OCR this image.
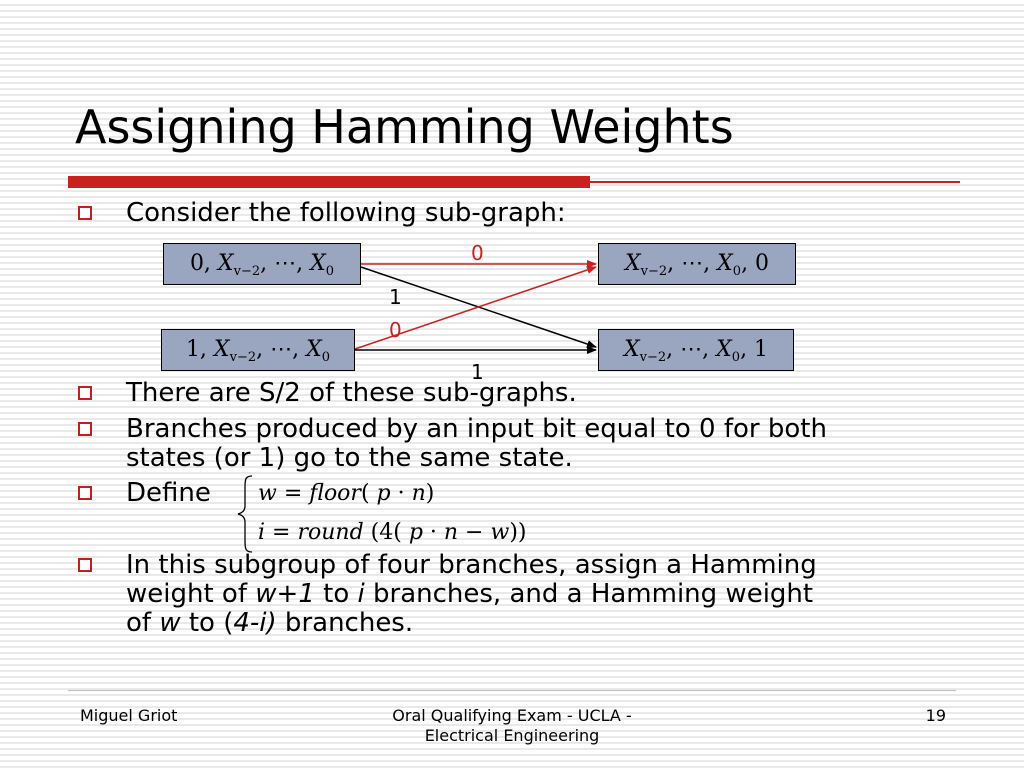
Assigning Hamming Weights
Consider the following sub-graph:
0, $X_{v-2}$, ⋯, $X_0$
1, $X_{v-2}$, ⋯, $X_0$
$X_{v-2}$, ⋯, $X_0$, 0
$X_{v-2}$, ⋯, $X_0$, 1
0
1
0
1
There are S/2 of these sub-graphs.
Branches produced by an input bit equal to 0 for both
states (or 1) go to the same state.
Define w = floor( p · n)
i = round (4( p · n − w))
In this subgroup of four branches, assign a Hamming
weight of w+1 to i branches, and a Hamming weight
of w to (4-i) branches.
Miguel Griot	Oral Qualifying Exam - UCLA -
Electrical Engineering
19
